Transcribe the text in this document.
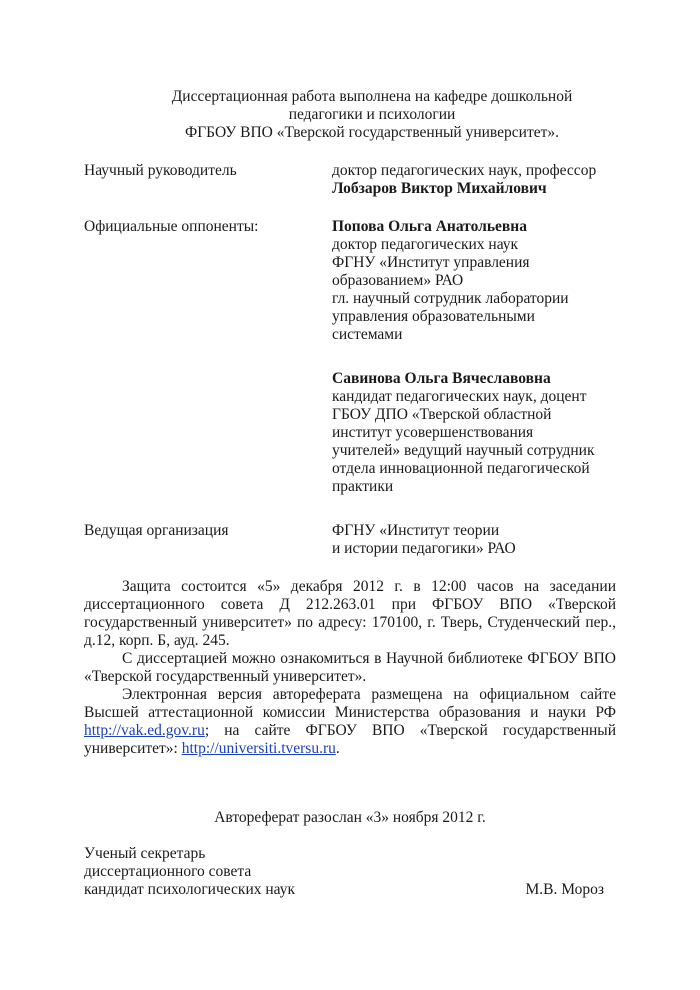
Диссертационная работа выполнена на кафедре дошкольной
педагогики и психологии
ФГБОУ ВПО «Тверской государственный университет».
Научный руководитель	доктор педагогических наук, профессор
Лобзаров Виктор Михайлович
Официальные оппоненты:	Попова Ольга Анатольевна
доктор педагогических наук
ФГНУ «Институт управления
образованием» РАО
гл. научный сотрудник лаборатории
управления образовательными
системами
Савинова Ольга Вячеславовна
кандидат педагогических наук, доцент
ГБОУ ДПО «Тверской областной
институт усовершенствования
учителей» ведущий научный сотрудник
отдела инновационной педагогической
практики
Ведущая организация	ФГНУ «Институт теории
и истории педагогики» РАО

Защита состоится «5» декабря 2012 г. в 12:00 часов на заседании диссертационного совета Д 212.263.01 при ФГБОУ ВПО «Тверской государственный университет» по адресу: 170100, г. Тверь, Студенческий пер., д.12, корп. Б, ауд. 245.

С диссертацией можно ознакомиться в Научной библиотеке ФГБОУ ВПО «Тверской государственный университет».

Электронная версия автореферата размещена на официальном сайте Высшей аттестационной комиссии Министерства образования и науки РФ http://vak.ed.gov.ru; на сайте ФГБОУ ВПО «Тверской государственный университет»: http://universiti.tversu.ru.

Автореферат разослан «3» ноября 2012 г.
Ученый секретарь
диссертационного совета
кандидат психологических наук	М.В. Мороз
